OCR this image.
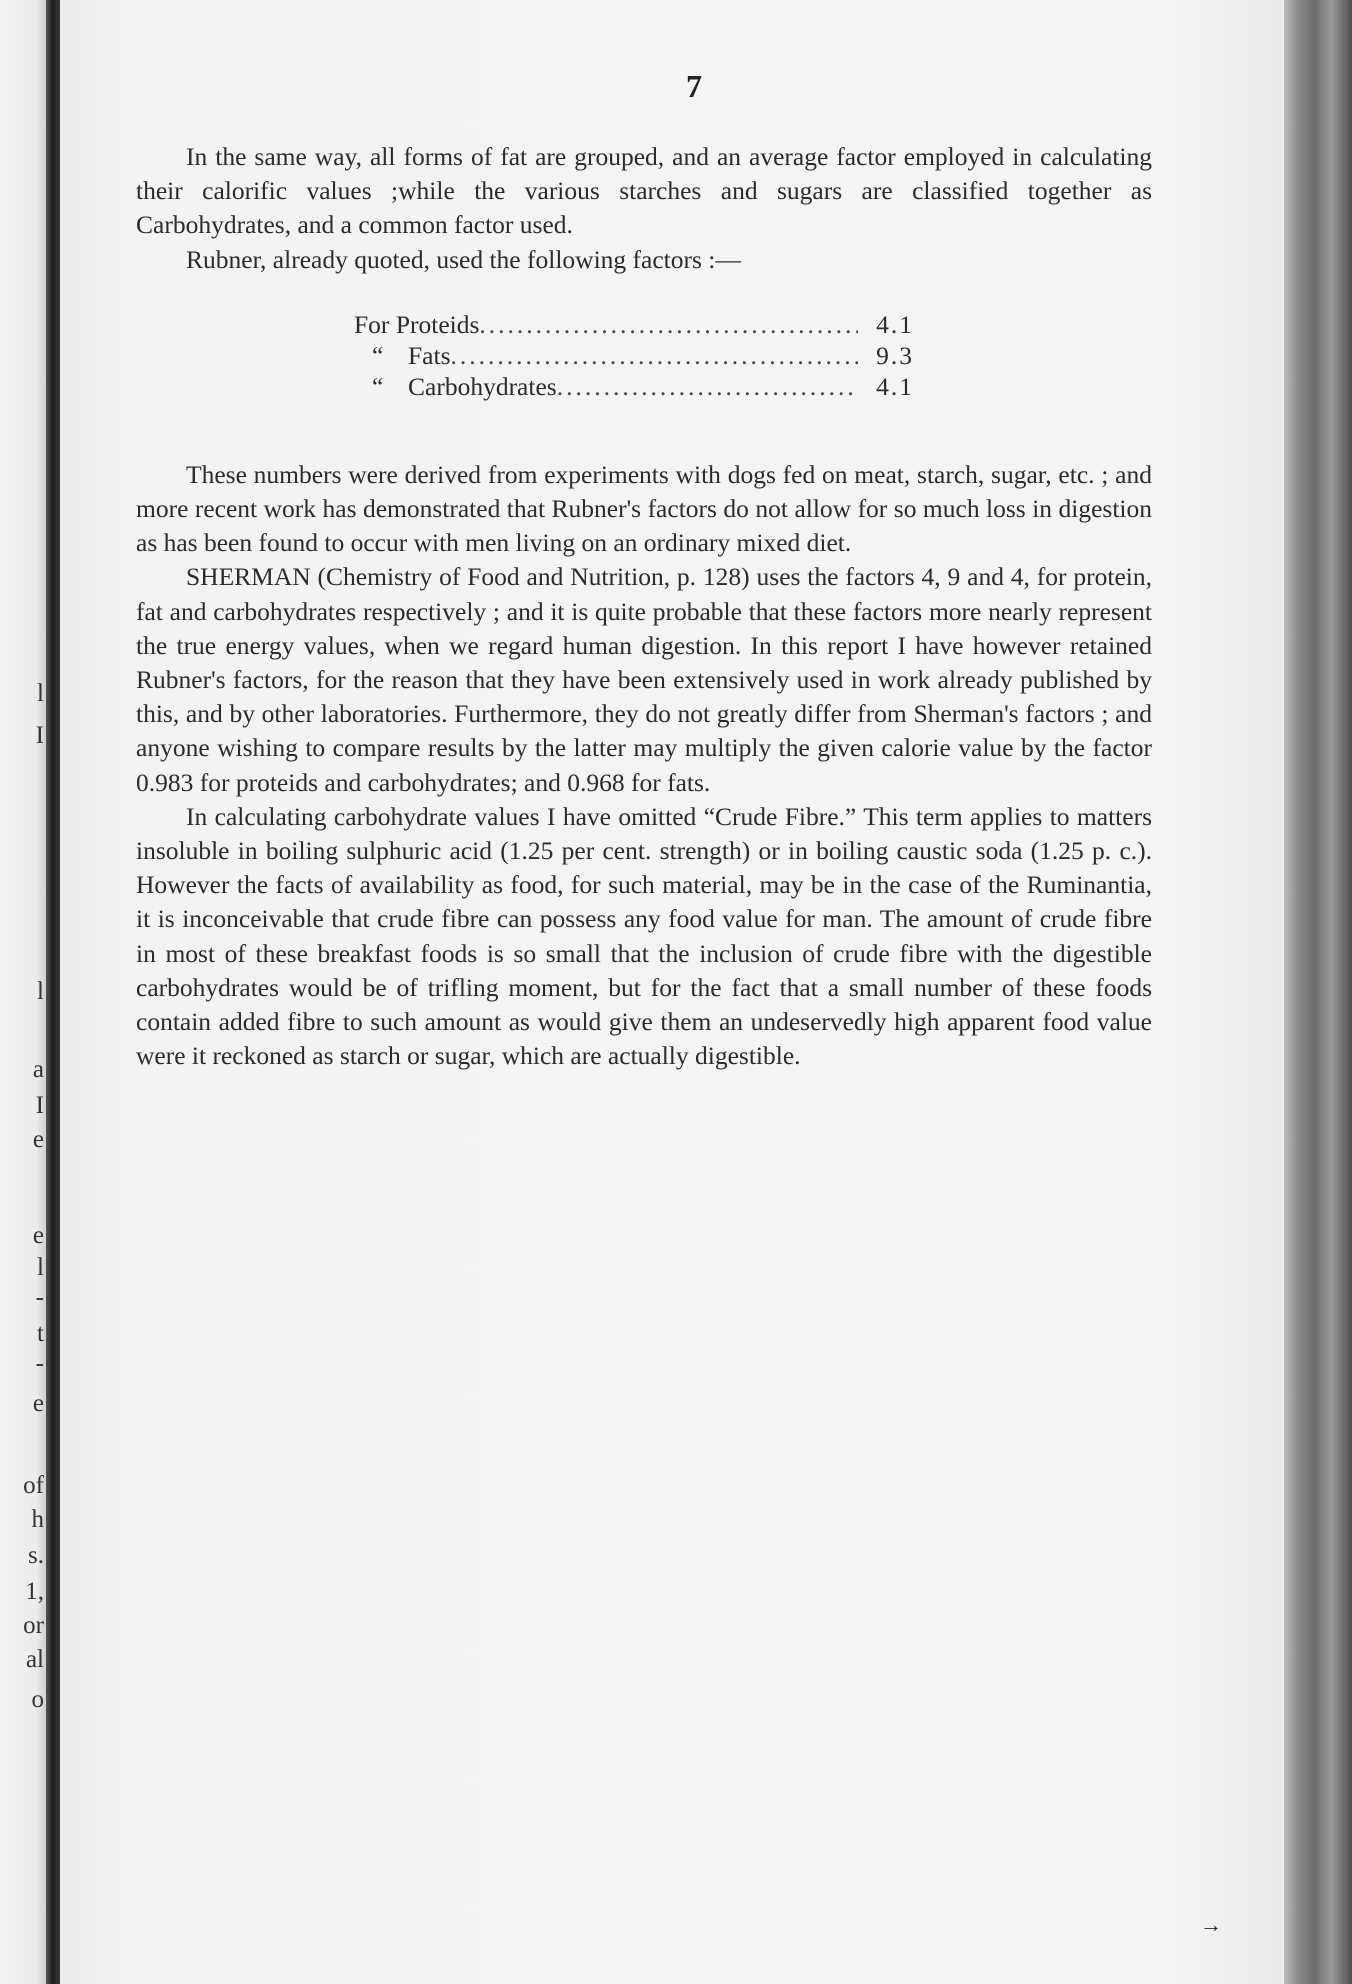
l
I
l
a
I
e
e
l
-
t
-
e
of
h
s.
1,
or
al
o
7

In the same way, all forms of fat are grouped, and an average factor employed in calculating their calorific values ;while the various starches and sugars are classified together as Carbohydrates, and a common factor used.

Rubner, already quoted, used the following factors :—

For Proteids .....	4.1
“ Fats .....	9.3
“ Carbohydrates .....	4.1

These numbers were derived from experiments with dogs fed on meat, starch, sugar, etc. ; and more recent work has demonstrated that Rubner's factors do not allow for so much loss in digestion as has been found to occur with men living on an ordinary mixed diet.

SHERMAN (Chemistry of Food and Nutrition, p. 128) uses the factors 4, 9 and 4, for protein, fat and carbohydrates respectively ; and it is quite probable that these factors more nearly represent the true energy values, when we regard human digestion. In this report I have however retained Rubner's factors, for the reason that they have been extensively used in work already published by this, and by other laboratories. Furthermore, they do not greatly differ from Sherman's factors ; and anyone wishing to compare results by the latter may multiply the given calorie value by the factor 0.983 for proteids and carbohydrates; and 0.968 for fats.

In calculating carbohydrate values I have omitted “Crude Fibre.” This term applies to matters insoluble in boiling sulphuric acid (1.25 per cent. strength) or in boiling caustic soda (1.25 p. c.). However the facts of availability as food, for such material, may be in the case of the Ruminantia, it is inconceivable that crude fibre can possess any food value for man. The amount of crude fibre in most of these breakfast foods is so small that the inclusion of crude fibre with the digestible carbohydrates would be of trifling moment, but for the fact that a small number of these foods contain added fibre to such amount as would give them an undeservedly high apparent food value were it reckoned as starch or sugar, which are actually digestible.

→
